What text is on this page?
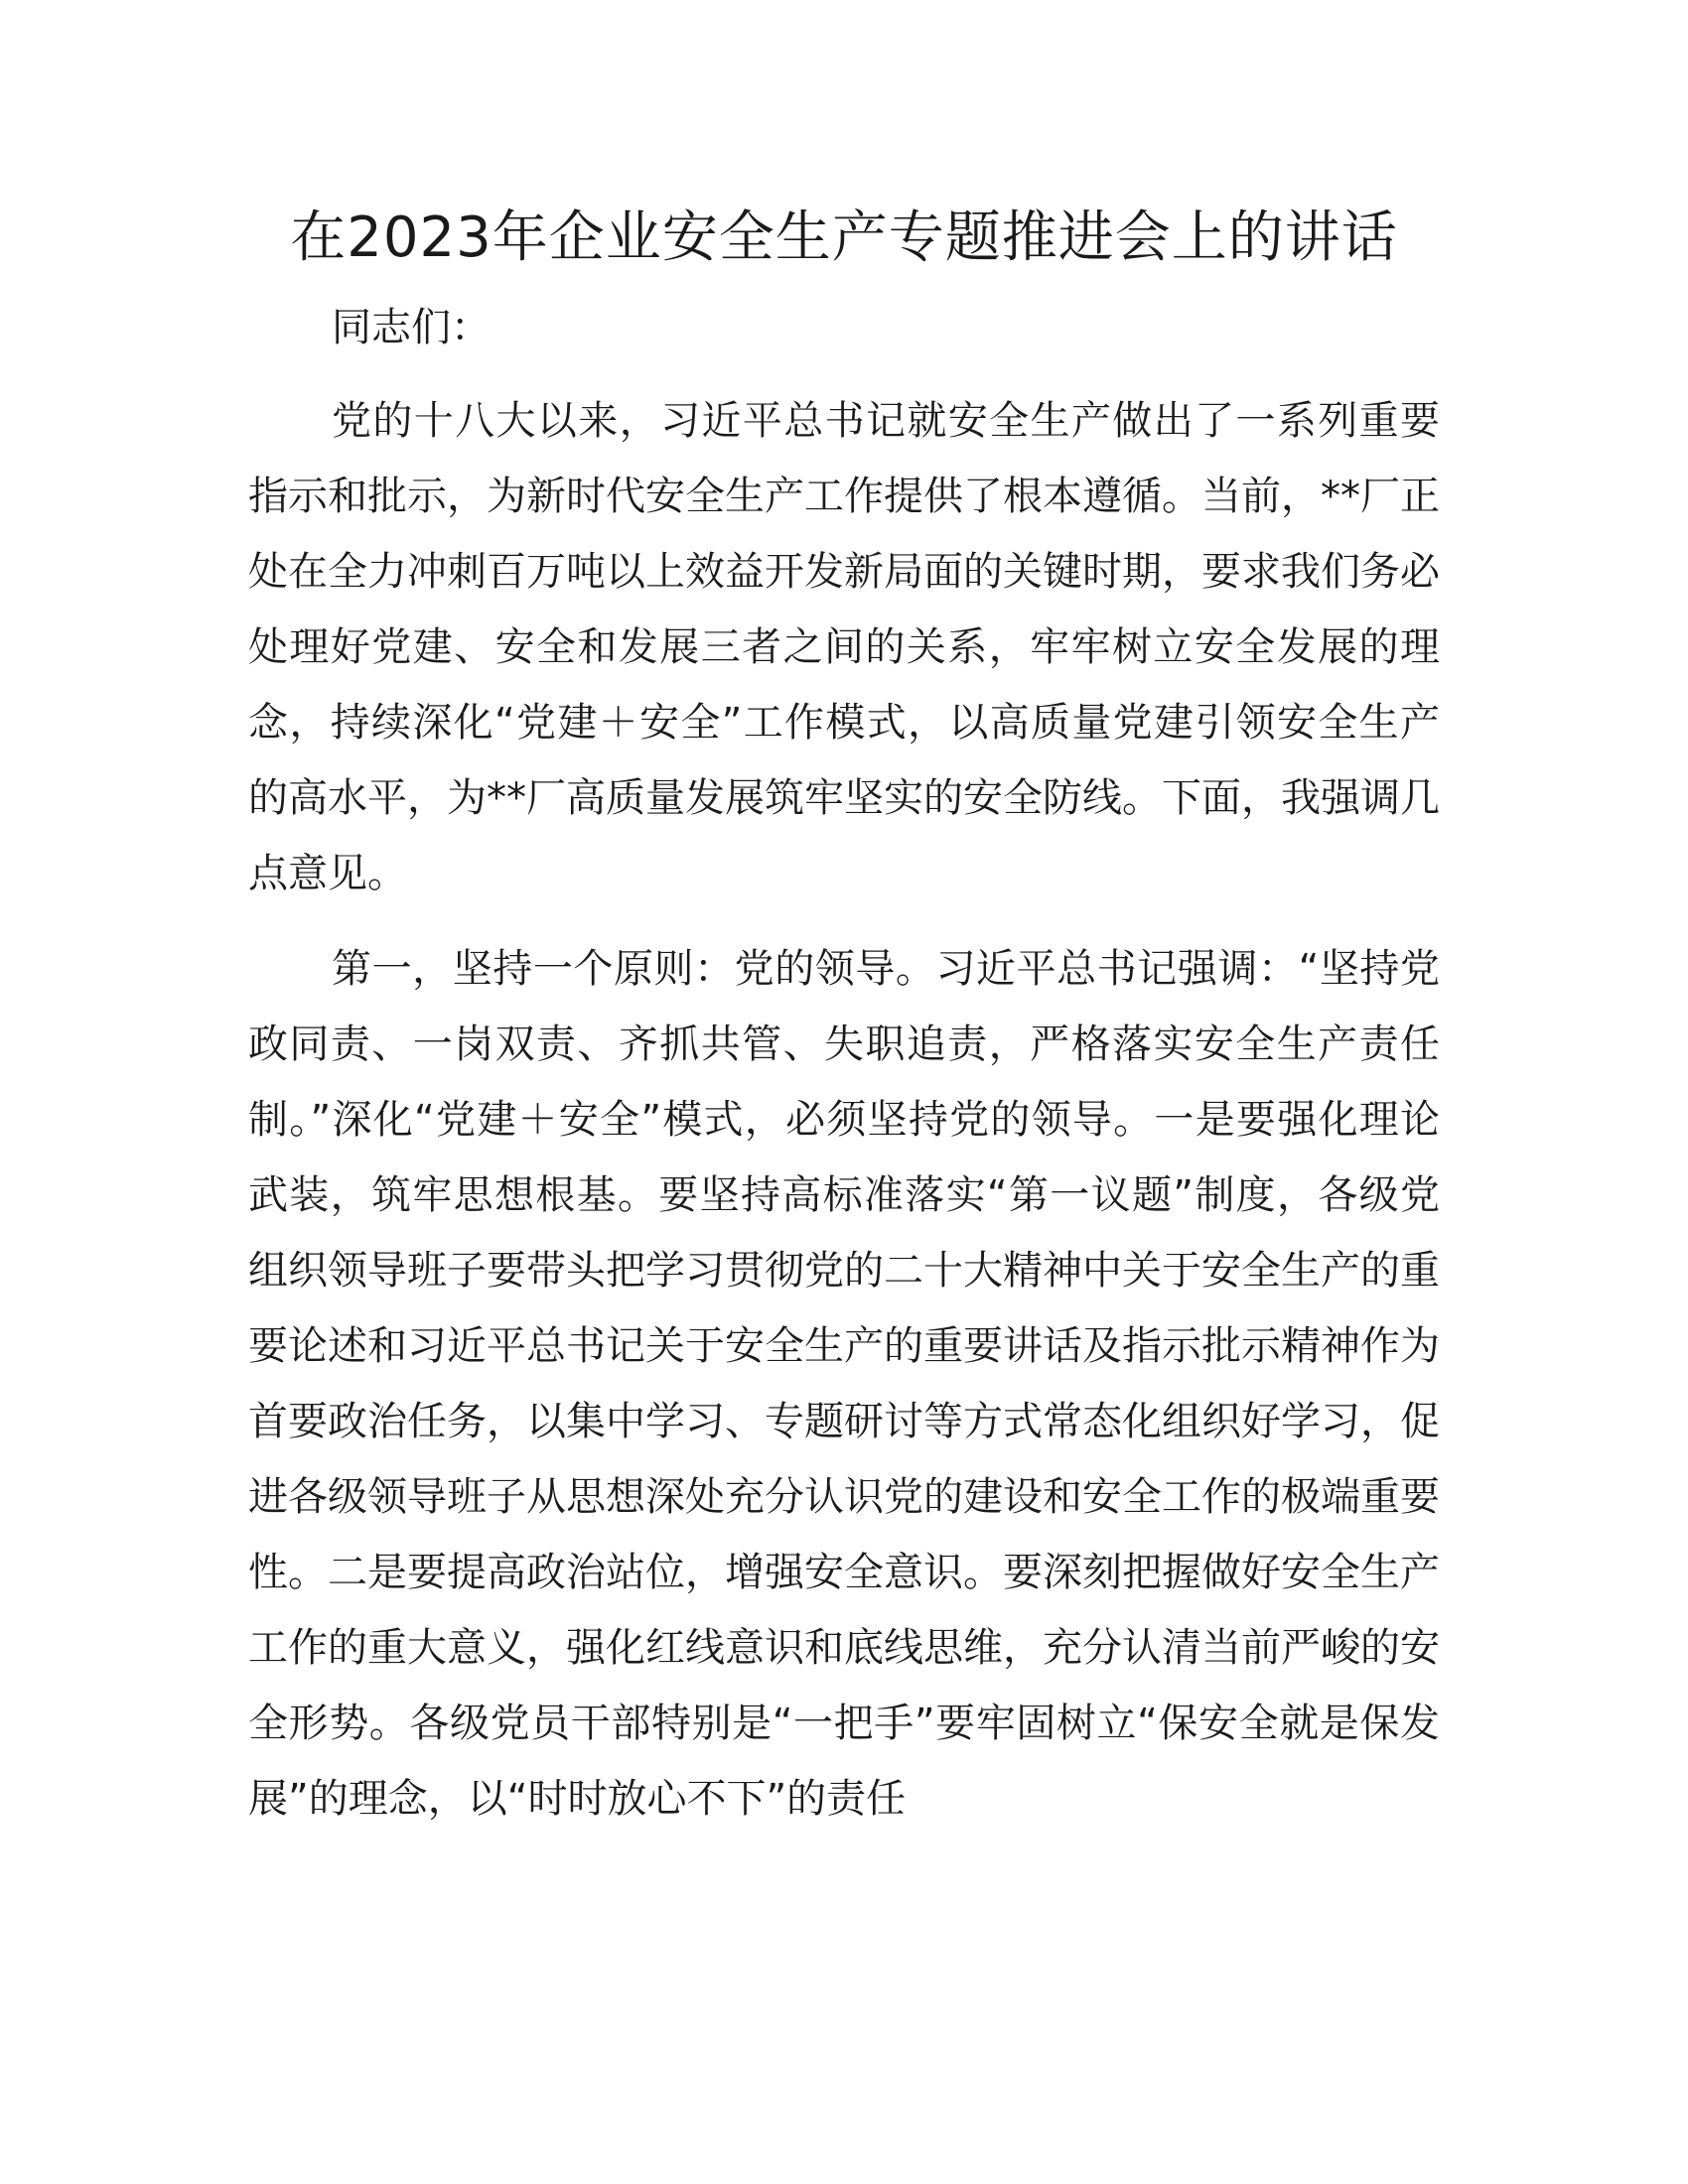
在2023年企业安全生产专题推进会上的讲话

同志们：

党的十八大以来，习近平总书记就安全生产做出了一系列重要指示和批示，为新时代安全生产工作提供了根本遵循。当前，**厂正处在全力冲刺百万吨以上效益开发新局面的关键时期，要求我们务必处理好党建、安全和发展三者之间的关系，牢牢树立安全发展的理念，持续深化“党建＋安全”工作模式，以高质量党建引领安全生产的高水平，为**厂高质量发展筑牢坚实的安全防线。下面，我强调几点意见。

第一，坚持一个原则：党的领导。习近平总书记强调：“坚持党政同责、一岗双责、齐抓共管、失职追责，严格落实安全生产责任制。”深化“党建＋安全”模式，必须坚持党的领导。一是要强化理论武装，筑牢思想根基。要坚持高标准落实“第一议题”制度，各级党组织领导班子要带头把学习贯彻党的二十大精神中关于安全生产的重要论述和习近平总书记关于安全生产的重要讲话及指示批示精神作为首要政治任务，以集中学习、专题研讨等方式常态化组织好学习，促进各级领导班子从思想深处充分认识党的建设和安全工作的极端重要性。二是要提高政治站位，增强安全意识。要深刻把握做好安全生产工作的重大意义，强化红线意识和底线思维，充分认清当前严峻的安全形势。各级党员干部特别是“一把手”要牢固树立“保安全就是保发展”的理念，以“时时放心不下”的责任
